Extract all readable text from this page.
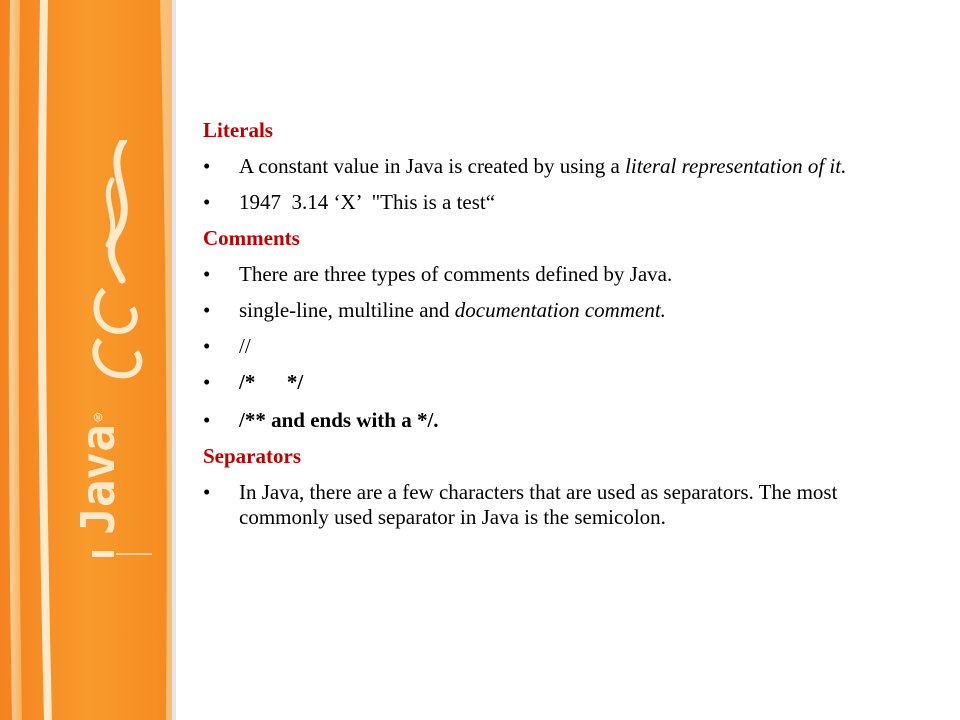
Java®

Literals

• A constant value in Java is created by using a literal representation of it.
• 1947  3.14 ‘X’  "This is a test“

Comments

• There are three types of comments defined by Java.
• single-line, multiline and documentation comment.
• //
• /*      */
• /** and ends with a */.

Separators

• In Java, there are a few characters that are used as separators. The most commonly used separator in Java is the semicolon.
